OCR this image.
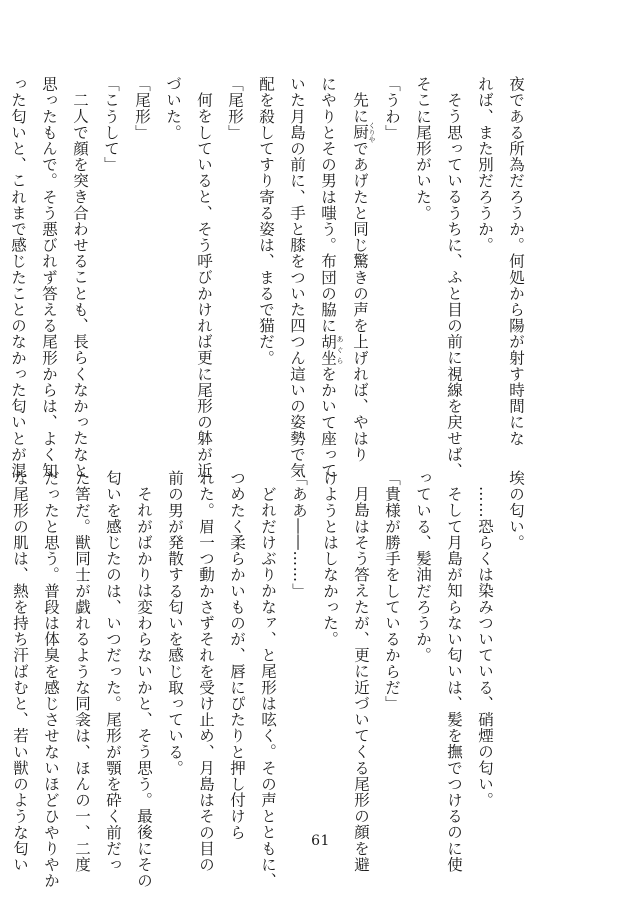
夜である所為だろうか。何処から陽が射す時間にな
れば、また別だろうか。
そう思っているうちに、ふと目の前に視線を戻せば、
そこに尾形がいた。
「うわ」
先に厨 くりやであげたと同じ驚きの声を上げれば、やはり
にやりとその男は嗤う。布団の脇に胡坐 あぐらをかいて座って
いた月島の前に、手と膝をついた四つん這いの姿勢で気
配を殺してすり寄る姿は、まるで猫だ。
「尾形」
何をしていると、そう呼びかければ更に尾形の躰が近
づいた。
「尾形」
「こうして」
二人で顔を突き合わせることも、長らくなかったなと
思ったもんで。そう悪びれず答える尾形からは、よく知
った匂いと、これまで感じたことのなかった匂いとが混
埃の匂い。
……恐らくは染みついている、硝煙の匂い。
そして月島が知らない匂いは、髪を撫でつけるのに使
っている、髪油だろうか。
「貴様が勝手をしているからだ」
月島はそう答えたが、更に近づいてくる尾形の顔を避
けようとはしなかった。
「ああ――……」
どれだけぶりかなァ、と尾形は呟く。その声とともに、
つめたく柔らかいものが、唇にぴたりと押し付けら
れた。眉一つ動かさずそれを受け止め、月島はその目の
前の男が発散する匂いを感じ取っている。
それがばかりは変わらないかと、そう思う。最後にその
匂いを感じたのは、いつだった。尾形が顎を砕く前だっ
た筈だ。獣同士が戯れるような同衾は、ほんの一、二度
だったと思う。普段は体臭を感じさせないほどひやりやか
な尾形の肌は、熱を持ち汗ばむと、若い獣のような匂い	61
